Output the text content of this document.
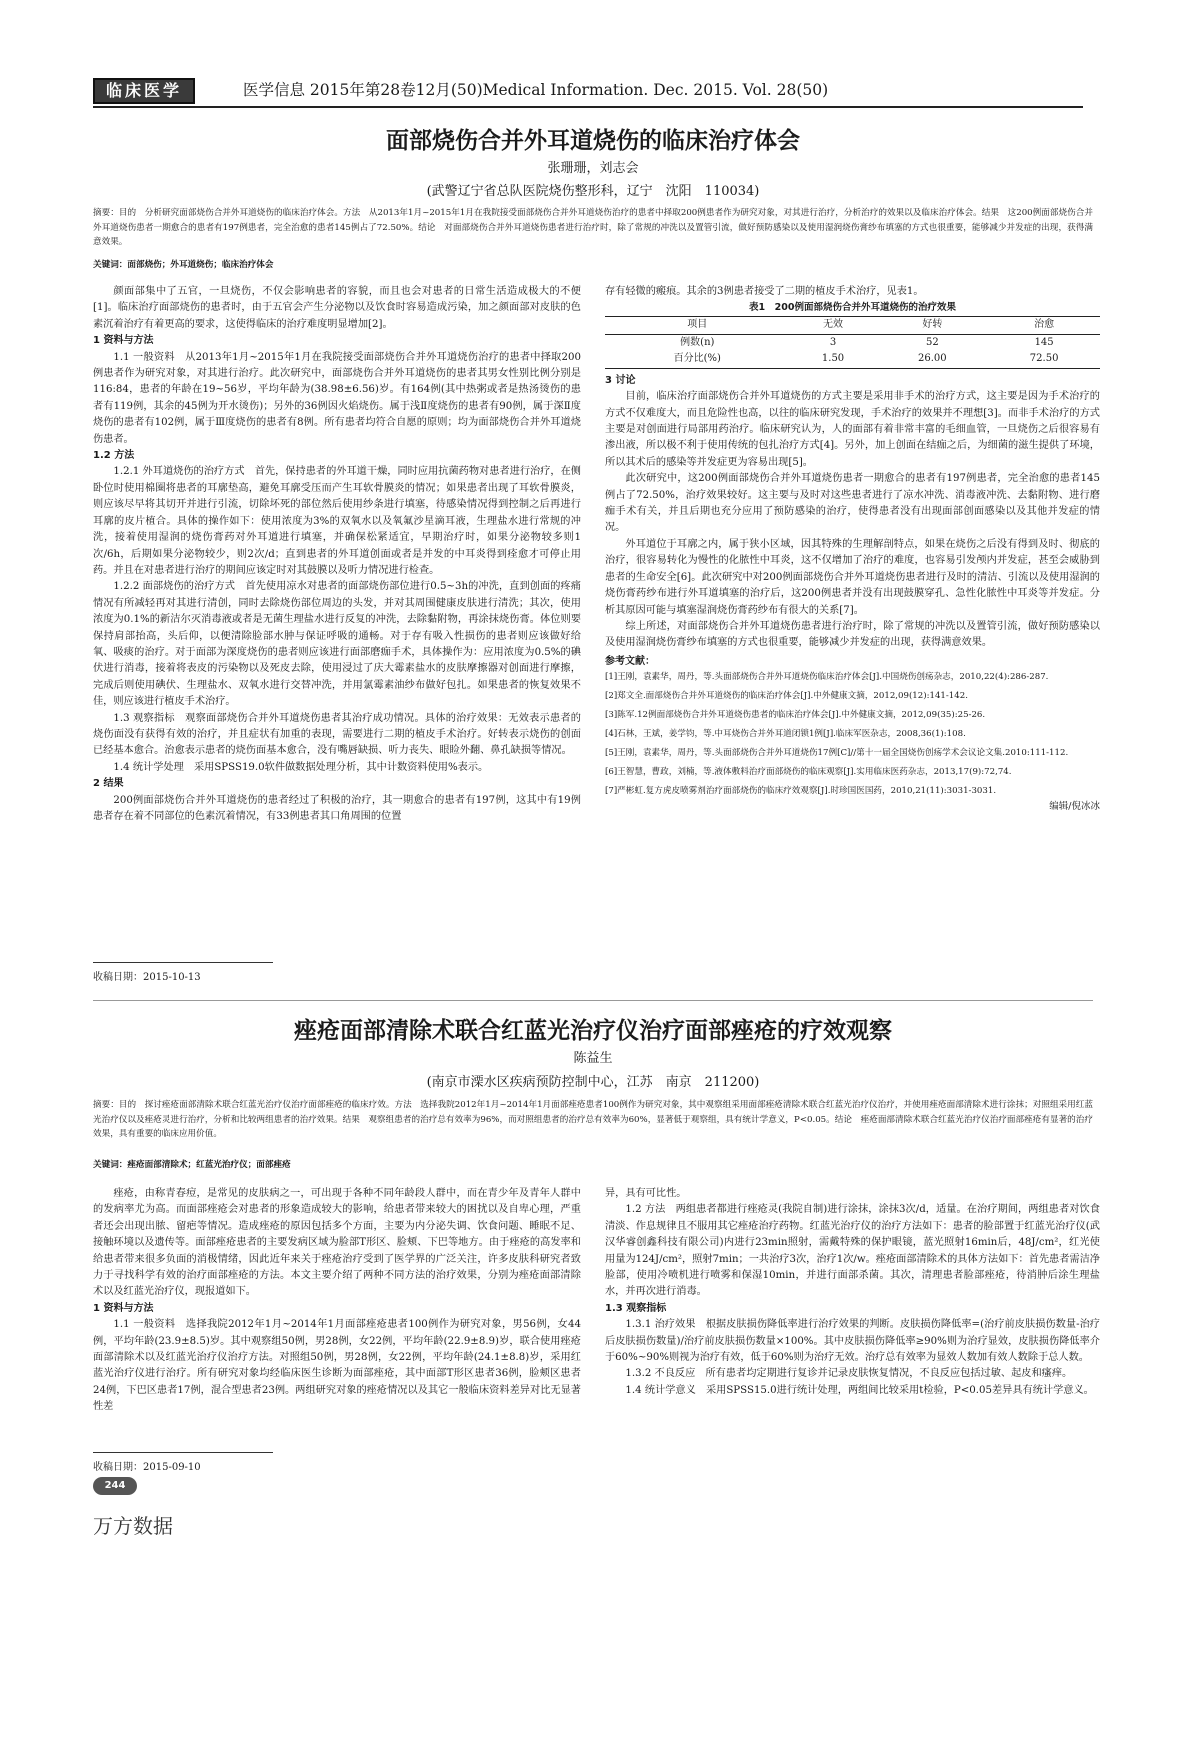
临床医学	医学信息 2015年第28卷12月(50)Medical Information. Dec. 2015. Vol. 28(50)
面部烧伤合并外耳道烧伤的临床治疗体会
张珊珊，刘志会
(武警辽宁省总队医院烧伤整形科，辽宁　沈阳　110034)
摘要：目的　分析研究面部烧伤合并外耳道烧伤的临床治疗体会。方法　从2013年1月~2015年1月在我院接受面部烧伤合并外耳道烧伤治疗的患者中择取200例患者作为研究对象，对其进行治疗，分析治疗的效果以及临床治疗体会。结果　这200例面部烧伤合并外耳道烧伤患者一期愈合的患者有197例患者，完全治愈的患者145例占了72.50%。结论　对面部烧伤合并外耳道烧伤患者进行治疗时，除了常规的冲洗以及置管引流，做好预防感染以及使用湿润烧伤膏纱布填塞的方式也很重要，能够减少并发症的出现，获得满意效果。
关键词：面部烧伤；外耳道烧伤；临床治疗体会

颜面部集中了五官，一旦烧伤，不仅会影响患者的容貌，而且也会对患者的日常生活造成极大的不便[1]。临床治疗面部烧伤的患者时，由于五官会产生分泌物以及饮食时容易造成污染，加之颜面部对皮肤的色素沉着治疗有着更高的要求，这使得临床的治疗难度明显增加[2]。

1 资料与方法

1.1 一般资料　从2013年1月~2015年1月在我院接受面部烧伤合并外耳道烧伤治疗的患者中择取200例患者作为研究对象，对其进行治疗。此次研究中，面部烧伤合并外耳道烧伤的患者其男女性别比例分别是116:84，患者的年龄在19~56岁，平均年龄为(38.98±6.56)岁。有164例(其中热粥或者是热汤烫伤的患者有119例，其余的45例为开水烫伤)；另外的36例因火焰烧伤。属于浅Ⅱ度烧伤的患者有90例，属于深Ⅱ度烧伤的患者有102例，属于Ⅲ度烧伤的患者有8例。所有患者均符合自愿的原则；均为面部烧伤合并外耳道烧伤患者。

1.2 方法

1.2.1 外耳道烧伤的治疗方式　首先，保持患者的外耳道干燥，同时应用抗菌药物对患者进行治疗，在侧卧位时使用棉圈将患者的耳廓垫高，避免耳廓受压而产生耳软骨膜炎的情况；如果患者出现了耳软骨膜炎，则应该尽早将其切开并进行引流，切除坏死的部位然后使用纱条进行填塞，待感染情况得到控制之后再进行耳廓的皮片植合。具体的操作如下：使用浓度为3%的双氧水以及氧氟沙星滴耳液，生理盐水进行常规的冲洗，接着使用湿润的烧伤膏药对外耳道进行填塞，并确保松紧适宜，早期治疗时，如果分泌物较多则1次/6h，后期如果分泌物较少，则2次/d；直到患者的外耳道创面或者是并发的中耳炎得到痊愈才可停止用药。并且在对患者进行治疗的期间应该定时对其鼓膜以及听力情况进行检查。

1.2.2 面部烧伤的治疗方式　首先使用凉水对患者的面部烧伤部位进行0.5~3h的冲洗，直到创面的疼痛情况有所减轻再对其进行清创，同时去除烧伤部位周边的头发，并对其周围健康皮肤进行清洗；其次，使用浓度为0.1%的新洁尔灭消毒液或者是无菌生理盐水进行反复的冲洗，去除黏附物，再涂抹烧伤膏。体位则要保持肩部抬高，头后仰，以便清除脸部水肿与保证呼吸的通畅。对于存有吸入性损伤的患者则应该做好给氧、吸痰的治疗。对于面部为深度烧伤的患者则应该进行面部磨痂手术，具体操作为：应用浓度为0.5%的碘伏进行消毒，接着将表皮的污染物以及死皮去除，使用浸过了庆大霉素盐水的皮肤摩擦器对创面进行摩擦，完成后则使用碘伏、生理盐水、双氧水进行交替冲洗，并用氯霉素油纱布做好包扎。如果患者的恢复效果不佳，则应该进行植皮手术治疗。

1.3 观察指标　观察面部烧伤合并外耳道烧伤患者其治疗成功情况。具体的治疗效果：无效表示患者的烧伤面没有获得有效的治疗，并且症状有加重的表现，需要进行二期的植皮手术治疗。好转表示烧伤的创面已经基本愈合。治愈表示患者的烧伤面基本愈合，没有嘴唇缺损、听力丧失、眼睑外翻、鼻孔缺损等情况。

1.4 统计学处理　采用SPSS19.0软件做数据处理分析，其中计数资料使用%表示。

2 结果

200例面部烧伤合并外耳道烧伤的患者经过了积极的治疗，其一期愈合的患者有197例，这其中有19例患者存在着不同部位的色素沉着情况，有33例患者其口角周围的位置

收稿日期：2015-10-13

存有轻微的瘢痕。其余的3例患者接受了二期的植皮手术治疗，见表1。

表1　200例面部烧伤合并外耳道烧伤的治疗效果
项目	无效	好转	治愈
例数(n)	3	52	145
百分比(%)	1.50	26.00	72.50

3 讨论

目前，临床治疗面部烧伤合并外耳道烧伤的方式主要是采用非手术的治疗方式，这主要是因为手术治疗的方式不仅难度大，而且危险性也高，以往的临床研究发现，手术治疗的效果并不理想[3]。而非手术治疗的方式主要是对创面进行局部用药治疗。临床研究认为，人的面部有着非常丰富的毛细血管，一旦烧伤之后很容易有渗出液，所以极不利于使用传统的包扎治疗方式[4]。另外，加上创面在结痂之后，为细菌的滋生提供了环境，所以其术后的感染等并发症更为容易出现[5]。

此次研究中，这200例面部烧伤合并外耳道烧伤患者一期愈合的患者有197例患者，完全治愈的患者145例占了72.50%，治疗效果较好。这主要与及时对这些患者进行了凉水冲洗、消毒液冲洗、去黏附物、进行磨痂手术有关，并且后期也充分应用了预防感染的治疗，使得患者没有出现面部创面感染以及其他并发症的情况。

外耳道位于耳廓之内，属于狭小区域，因其特殊的生理解剖特点，如果在烧伤之后没有得到及时、彻底的治疗，很容易转化为慢性的化脓性中耳炎，这不仅增加了治疗的难度，也容易引发颅内并发症，甚至会威胁到患者的生命安全[6]。此次研究中对200例面部烧伤合并外耳道烧伤患者进行及时的清洁、引流以及使用湿润的烧伤膏药纱布进行外耳道填塞的治疗后，这200例患者并没有出现鼓膜穿孔、急性化脓性中耳炎等并发症。分析其原因可能与填塞湿润烧伤膏药纱布有很大的关系[7]。

综上所述，对面部烧伤合并外耳道烧伤患者进行治疗时，除了常规的冲洗以及置管引流，做好预防感染以及使用湿润烧伤膏纱布填塞的方式也很重要，能够减少并发症的出现，获得满意效果。

参考文献：

[1]王刚，袁素华，周丹，等.头面部烧伤合并外耳道烧伤临床治疗体会[J].中国烧伤创疡杂志，2010,22(4):286-287.
[2]郑文全.面部烧伤合并外耳道烧伤的临床治疗体会[J].中外健康文摘，2012,09(12):141-142.
[3]陈军.12例面部烧伤合并外耳道烧伤患者的临床治疗体会[J].中外健康文摘，2012,09(35):25-26.
[4]石林，王斌，姜学钧，等.中耳烧伤合并外耳道闭锁1例[J].临床军医杂志，2008,36(1):108.
[5]王刚，袁素华，周丹，等.头面部烧伤合并外耳道烧伤17例[C]//第十一届全国烧伤创疡学术会议论文集.2010:111-112.
[6]王智慧，曹政，刘楠，等.液体敷料治疗面部烧伤的临床观察[J].实用临床医药杂志，2013,17(9):72,74.
[7]严彬虹.复方虎皮喷雾剂治疗面部烧伤的临床疗效观察[J].时珍国医国药，2010,21(11):3031-3031.
编辑/倪冰冰
痤疮面部清除术联合红蓝光治疗仪治疗面部痤疮的疗效观察
陈益生
(南京市溧水区疾病预防控制中心，江苏　南京　211200)
摘要：目的　探讨痤疮面部清除术联合红蓝光治疗仪治疗面部痤疮的临床疗效。方法　选择我院2012年1月~2014年1月面部痤疮患者100例作为研究对象，其中观察组采用面部痤疮清除术联合红蓝光治疗仪治疗，并使用痤疮面部清除术进行涂抹；对照组采用红蓝光治疗仪以及痤疮灵进行治疗，分析和比较两组患者的治疗效果。结果　观察组患者的治疗总有效率为96%，而对照组患者的治疗总有效率为60%，显著低于观察组，具有统计学意义，P<0.05。结论　痤疮面部清除术联合红蓝光治疗仪治疗面部痤疮有显著的治疗效果，具有重要的临床应用价值。
关键词：痤疮面部清除术；红蓝光治疗仪；面部痤疮

痤疮，由称青春痘，是常见的皮肤病之一，可出现于各种不同年龄段人群中，而在青少年及青年人群中的发病率尤为高。而面部痤疮会对患者的形象造成较大的影响，给患者带来较大的困扰以及自卑心理，严重者还会出现出脓、留疤等情况。造成痤疮的原因包括多个方面，主要为内分泌失调、饮食问题、睡眠不足、接触环境以及遗传等。面部痤疮患者的主要发病区域为脸部T形区、脸颊、下巴等地方。由于痤疮的高发率和给患者带来很多负面的消极情绪，因此近年来关于痤疮治疗受到了医学界的广泛关注，许多皮肤科研究者致力于寻找科学有效的治疗面部痤疮的方法。本文主要介绍了两种不同方法的治疗效果，分别为痤疮面部清除术以及红蓝光治疗仪，现报道如下。

1 资料与方法

1.1 一般资料　选择我院2012年1月~2014年1月面部痤疮患者100例作为研究对象，男56例，女44例，平均年龄(23.9±8.5)岁。其中观察组50例，男28例，女22例，平均年龄(22.9±8.9)岁，联合使用痤疮面部清除术以及红蓝光治疗仪治疗方法。对照组50例，男28例，女22例，平均年龄(24.1±8.8)岁，采用红蓝光治疗仪进行治疗。所有研究对象均经临床医生诊断为面部痤疮，其中面部T形区患者36例，脸颊区患者24例，下巴区患者17例，混合型患者23例。两组研究对象的痤疮情况以及其它一般临床资料差异对比无显著性差

收稿日期：2015-09-10

异，具有可比性。

1.2 方法　两组患者都进行痤疮灵(我院自制)进行涂抹，涂抹3次/d，适量。在治疗期间，两组患者对饮食清淡、作息规律且不服用其它痤疮治疗药物。红蓝光治疗仪的治疗方法如下：患者的脸部置于红蓝光治疗仪(武汉华睿创鑫科技有限公司)内进行23min照射，需戴特殊的保护眼镜，蓝光照射16min后，48J/cm²，红光使用量为124J/cm²，照射7min；一共治疗3次，治疗1次/w。痤疮面部清除术的具体方法如下：首先患者需洁净脸部，使用冷喷机进行喷雾和保湿10min，并进行面部杀菌。其次，清理患者脸部痤疮，待消肿后涂生理盐水，并再次进行消毒。

1.3 观察指标

1.3.1 治疗效果　根据皮肤损伤降低率进行治疗效果的判断。皮肤损伤降低率=(治疗前皮肤损伤数量-治疗后皮肤损伤数量)/治疗前皮肤损伤数量×100%。其中皮肤损伤降低率≥90%则为治疗显效，皮肤损伤降低率介于60%~90%则视为治疗有效，低于60%则为治疗无效。治疗总有效率为显效人数加有效人数除于总人数。

1.3.2 不良反应　所有患者均定期进行复诊并记录皮肤恢复情况，不良反应包括过敏、起皮和瘙痒。

1.4 统计学意义　采用SPSS15.0进行统计处理，两组间比较采用t检验，P<0.05差异具有统计学意义。

244
万方数据
